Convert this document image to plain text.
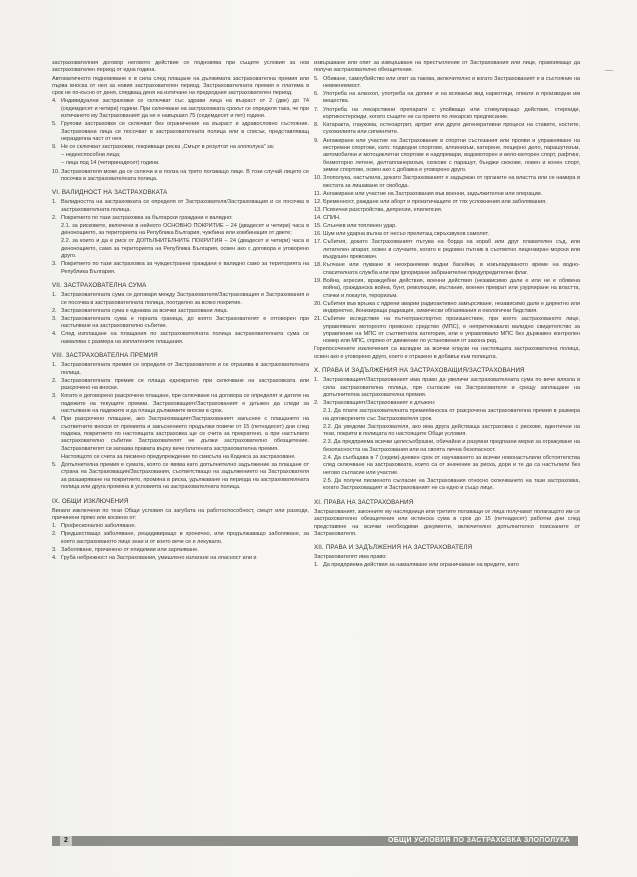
застрахователния договор неговото действие се подновява при същите условия за нов застрахователен период от една година.
Автоматичното подновяване е в сила след плащане на дължимата застрахователна премия или първа вноска от нея за новия застрахователен период. Застрахователната премия е платима в срок не по-късно от деня, следващ деня на изтичане на предходния застрахователен период.
4. Индивидуални застраховки се сключват със здрави лица на възраст от 2 (две) до 74 (седемдесет и четири) години. При сключване на застраховката срокът се определя така, че при изтичането му Застрахованият да не е навършил 75 (седемдесет и пет) години.
5. Групови застраховки се сключват без ограничение на възраст и здравословно състояние. Застраховани лица се посочват в застрахователната полица или в списък, представляващ неразделна част от нея.
9. Не се сключват застраховки, покриващи риска „Смърт в резултат на злополука" за:
– недееспособни лица;
– лица под 14 (четиринадесет) години.
10. Застрахователя може да се сключи и в полза на трето ползващо лице. В този случай лицето се посочва в застрахователната полица.
VI. ВАЛИДНОСТ НА ЗАСТРАХОВКАТА
1. Валидността на застраховката се определя от Застрахователя/Застраховащия и се посочва в застрахователната полица.
2. Покритието по тази застраховка за български граждани е валидно:
2.1. за рисковете, включени в нейното ОСНОВНО ПОКРИТИЕ – 24 (двадесет и четири) часа в денонощието, за територията на Република България, чужбина или комбинация от двете;
2.2. за които и да е риск от ДОПЪЛНИТЕЛНИТЕ ПОКРИТИЯ – 24 (двадесет и четири) часа в денонощието, само за територията на Република България, освен ако с договора е уговорено друго.
3. Покритието по тази застраховка за чуждестранни граждани е валидно само за територията на Република България.
VII. ЗАСТРАХОВАТЕЛНА СУМА
1. Застрахователната сума се договаря между Застрахователя/Застраховащия и Застрахования и се посочва в застрахователната полица, поотделно за всяко покритие.
2. Застрахователната сума е еднаква за всички застраховани лица.
3. Застрахователната сума е горната граница, до която Застрахователят е отговорен при настъпване на застрахователно събитие.
4. След изплащане на плащания по застрахователната полица застрахователната сума се намалява с размера на изплатените плащания.
VIII. ЗАСТРАХОВАТЕЛНА ПРЕМИЯ
1. Застрахователната премия се определя от Застрахователя и се отразява в застрахователната полица.
2. Застрахователната премия се плаща еднократно при сключване на застраховката или разсрочено на вноски.
3. Когато е договорено разсрочено плащане, при сключване на договора се определят и датите на падежите на текущите премии. Застраховащият/Застрахованият е длъжен да следи за настъпване на падежите и да плаща дължимите вноски в срок.
4. При разсрочено плащане, ако Застраховащият/Застрахованият закъснее с плащането на съответните вноски от премията и закъснението продължи повече от 15 (петнадесет) дни след падежа, покритието по настоящата застраховка ще се счита за прекратено, а при настъпило застрахователно събитие Застрахователят не дължи застрахователно обезщетение. Застрахователят си запазва правата върху вече платената застрахователна премия.
Настоящото се счита за писмено предупреждение по смисъла на Кодекса за застраховане.
5. Допълнителна премия е сумата, която се явява като допълнително задължение за плащане от страна на Застраховащия/Застрахования, съответстващо на задължението на Застрахователя за разширяване на покритието, промяна в риска, удължаване на периода на застрахователната полица или друга промяна в условията на застрахователната полица.
IX. ОБЩИ ИЗКЛЮЧЕНИЯ
Винаги изключени по тези Общи условия са загубата на работоспособност, смърт или разходи, причинени пряко или косвено от:
1. Професионално заболяване.
2. Предшестващо заболяване, рецидивиращо в хронично, или продължаващо заболяване, за което застрахованото лице знае и от което вече се е лекувало.
3. Заболяване, причинено от епидемии или зарязяване.
4. Груба небрежност на Застрахования, умишлено излагане на опасност или и
извършване или опит за извършване на престъпление от Застрахования или лице, правоимащо да получи застрахователно обезщетение.
5. Обиване, самоубийство или опит за такова, включително и когато Застрахованият е в състояние на невменяемост.
6. Употреба на алкохол, употреба на допинг и на всякакъв вид наркотици, опиати и производни им вещества.
7. Употреба на лекарствени препарати с упойващо или стимулиращо действие, стероиди, кортикостероиди, когато същите не са приети по лекарско предписание.
8. Катаракта, глаукома, остеоартрит, артрит или други дегенеративни процеси на ставите, костите, сухожилията или сигментите.
9. Ангажиране или участие на Застрахования в спортни състезания или прояви и упражняване на екстремни спортове, като: подводни спортове, алпинизъм, катерене, пещерно дело, парашутизъм, автомобилни и мотоциклетни спортове и надпревари, водомоторен и вело-моторен спорт, рафтинг, безмоторно летене, делтапланеризъм, скокове с парашут, бънджи скокове, ловен и конен спорт, зимни спортове, освен ако с добавка е уговорено друго.
10. Злополука, настъпила, докато Застрахованият е задържан от органите на властта или се намира в местата за лишаване от свобода.
11. Ангажиране или участие на Застрахования във военни, задължителни или операции.
12. Бременност, раждане или аборт и произтичащите от тях усложнения или заболявания.
13. Психични разстройства, депресии, епилепсия.
14. СПИН.
15. Слънчев или топлинен удар.
16. Шум или ударна вълна от несъо прелитащ свръхзвуков самолет.
17. Събития, докато Застрахованият пътува на борда на кораб или друг плавателен съд, или летателен апарат, освен в случаите, когато е редовен пътник в съответно лицензиран морски или въздушен превозвач.
18. Кълчане или пукване в неохраняеми водни басейни, в изкъпаруваното време на водно-спасителната служба или при ignорирани забранителни предупредителни флаг.
19. Война, агресия, враждебни действия, военни действия (независимо дали е или не е обявена война), гражданска война, бунт, революция, въстание, военен преврат или узурпиране на властта, стачки и локаути, тероризъм.
20. Събития във връзка с ядрени аварии радиоактивно замърсяване, независимо дали е директно или индиректно, йонизираща радиация, химически обгазявания и екологични бедствия.
21. Събитие вследствие на пътнотранспортно произшествие, при което застрахованото лице, управлявало моторното превозно средство (МПС), е непритежавало валидно свидетелство за управление на МПС от съответната категория, или е управлявало МПС без държавен контролен номер или МПС, спряно от движение по установения от закона ред.
Горепосочените изключения са валидни за всички клаузи на настоящата застрахователна полица, освен ако е уговорено друго, което е отразено в добавък към полицата.
X. ПРАВА И ЗАДЪЛЖЕНИЯ НА ЗАСТРАХОВАЩИЯ/ЗАСТРАХОВАНИЯ
1. Застраховащият/Застрахованият има право да увеличи застрахователната сума по вече влязла в сила застрахователна полица, при съгласие на Застрахователя и срещу заплащане на допълнителна застрахователна премия.
2. Застраховащият/Застрахованият е длъжен:
2.1. Да плати застрахователната премия/вноска от разсрочена застрахователна премия в размера на договорените със Застрахователя срок.
2.2. Да уведоми Застрахователя, ако има друга действаща застраховка с рискове, идентични на тези, покрити в полицата по настоящите Общи условия.
2.3. Да предприема всички целесъобразни, обичайни и разумни предпазни мерки за огражуване на безопасността на Застрахования или на своята лична безопасност.
2.4. Да съобщава в 7 (седем)-дневен срок от научаването за всички новонастъпили обстоятелства след сключване на застраховката, които са от значение за риска, дори и те да са настъпили без негово съгласие или участие.
2.5. Да получи писменото съгласие на Застрахования относно сключването на тази застраховка, когато Застраховащият и Застрахованият не са едно и също лице.
XI. ПРАВА НА ЗАСТРАХОВАНИЯ
Застрахованият, законните му наследници или третите ползващи се лица получават полагащото им се застрахователно обезщетение или истинска сума в срок до 15 (петнадесет) работни дни след представяне на всички необходими документи, включително допълнително поисканите от Застрахователя.
XII. ПРАВА И ЗАДЪЛЖЕНИЯ НА ЗАСТРАХОВАТЕЛЯ
Застрахователят има право:
1. Да предприема действия за намаляване или ограничаване на вредите, като
2	ОБЩИ УСЛОВИЯ ПО ЗАСТРАХОВКА ЗЛОПОЛУКА
